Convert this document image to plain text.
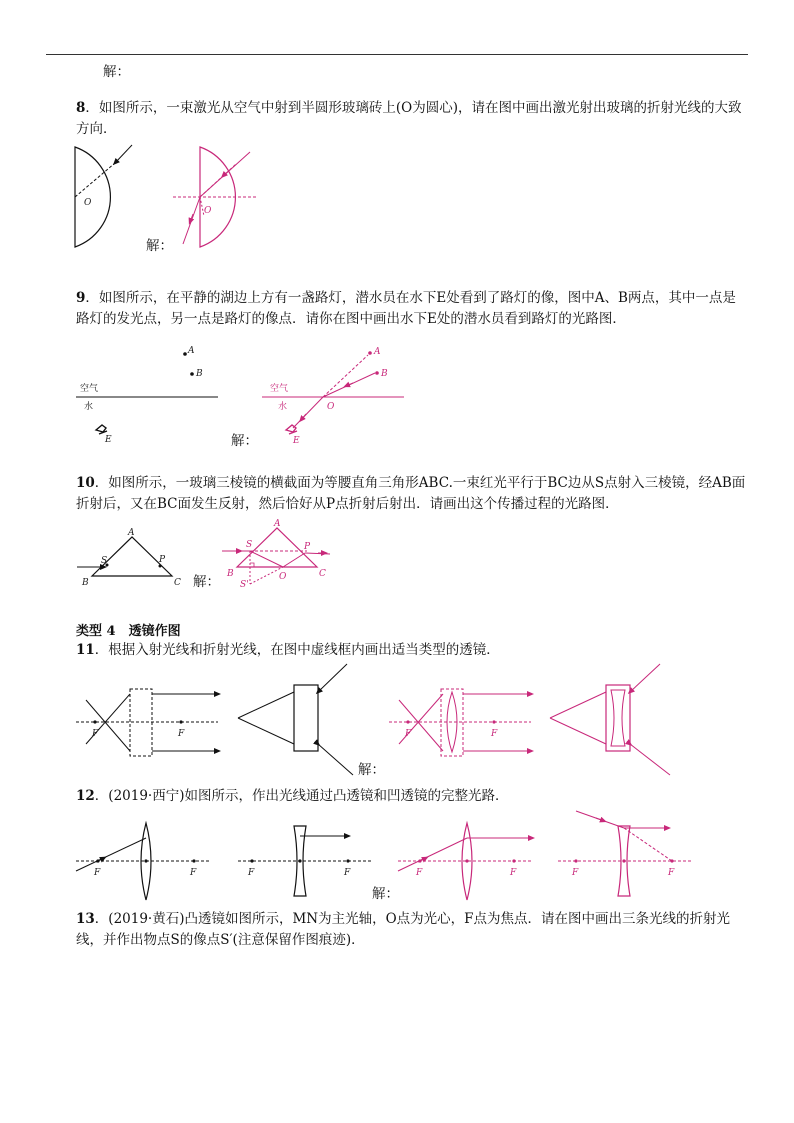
解：
8．如图所示，一束激光从空气中射到半圆形玻璃砖上(O为圆心)，请在图中画出激光射出玻璃的折射光线的大致方向．
O
O
解：
9．如图所示，在平静的湖边上方有一盏路灯，潜水员在水下E处看到了路灯的像，图中A、B两点，其中一点是路灯的发光点，另一点是路灯的像点．请你在图中画出水下E处的潜水员看到路灯的光路图．
A
B
空气
水
E
A
B
空气
水	O
E
解：
10．如图所示，一玻璃三棱镜的横截面为等腰直角三角形ABC.一束红光平行于BC边从S点射入三棱镜，经AB面折射后，又在BC面发生反射，然后恰好从P点折射后射出．请画出这个传播过程的光路图．
A
B	C
S	P
A
B	C
S	P
O
S'
解：
类型 4　透镜作图
11．根据入射光线和折射光线，在图中虚线框内画出适当类型的透镜．
F	F	F	F
解：
12．(2019·西宁)如图所示，作出光线通过凸透镜和凹透镜的完整光路．
F	F	F	F	F	F	F	F
解：
13．(2019·黄石)凸透镜如图所示，MN为主光轴，O点为光心，F点为焦点．请在图中画出三条光线的折射光线，并作出物点S的像点S′(注意保留作图痕迹)．
